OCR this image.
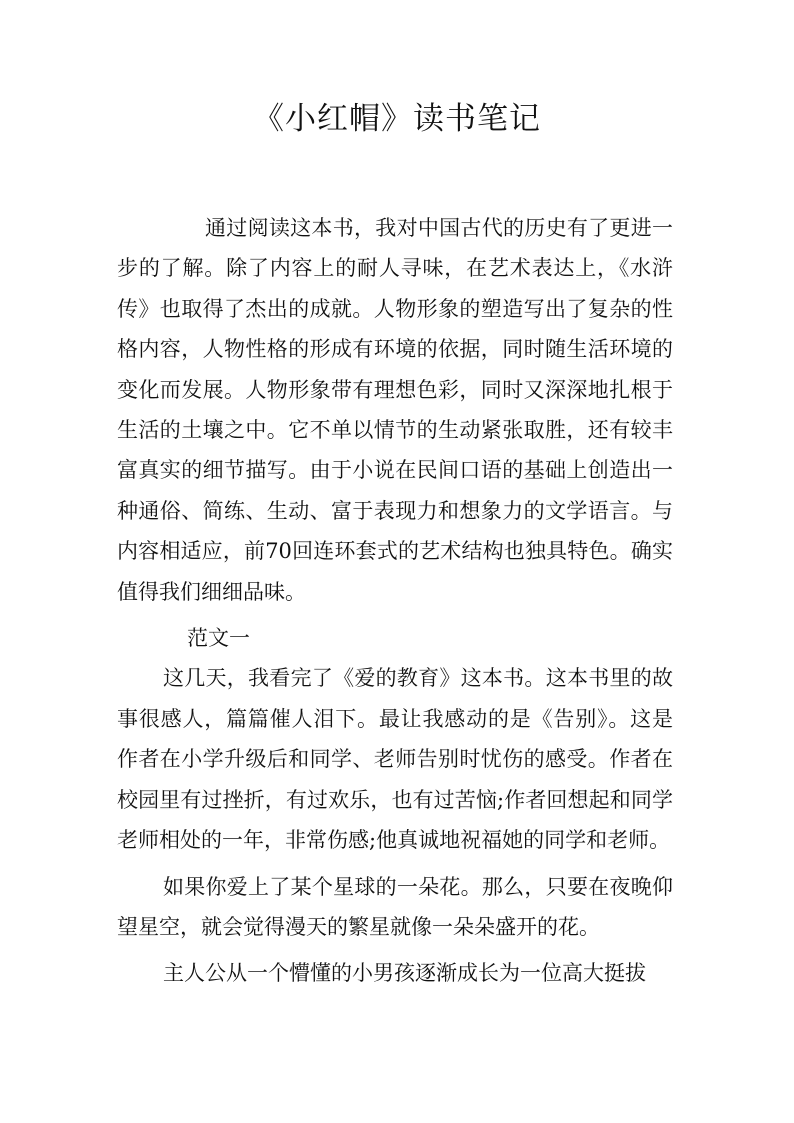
《小红帽》读书笔记

通过阅读这本书，我对中国古代的历史有了更进一步的了解。除了内容上的耐人寻味，在艺术表达上，《水浒传》也取得了杰出的成就。人物形象的塑造写出了复杂的性格内容，人物性格的形成有环境的依据，同时随生活环境的变化而发展。人物形象带有理想色彩，同时又深深地扎根于生活的土壤之中。它不单以情节的生动紧张取胜，还有较丰富真实的细节描写。由于小说在民间口语的基础上创造出一种通俗、简练、生动、富于表现力和想象力的文学语言。与内容相适应，前70回连环套式的艺术结构也独具特色。确实值得我们细细品味。

范文一

这几天，我看完了《爱的教育》这本书。这本书里的故事很感人，篇篇催人泪下。最让我感动的是《告别》。这是作者在小学升级后和同学、老师告别时忧伤的感受。作者在校园里有过挫折，有过欢乐，也有过苦恼;作者回想起和同学老师相处的一年，非常伤感;他真诚地祝福她的同学和老师。

如果你爱上了某个星球的一朵花。那么，只要在夜晚仰望星空，就会觉得漫天的繁星就像一朵朵盛开的花。

主人公从一个懵懂的小男孩逐渐成长为一位高大挺拔
